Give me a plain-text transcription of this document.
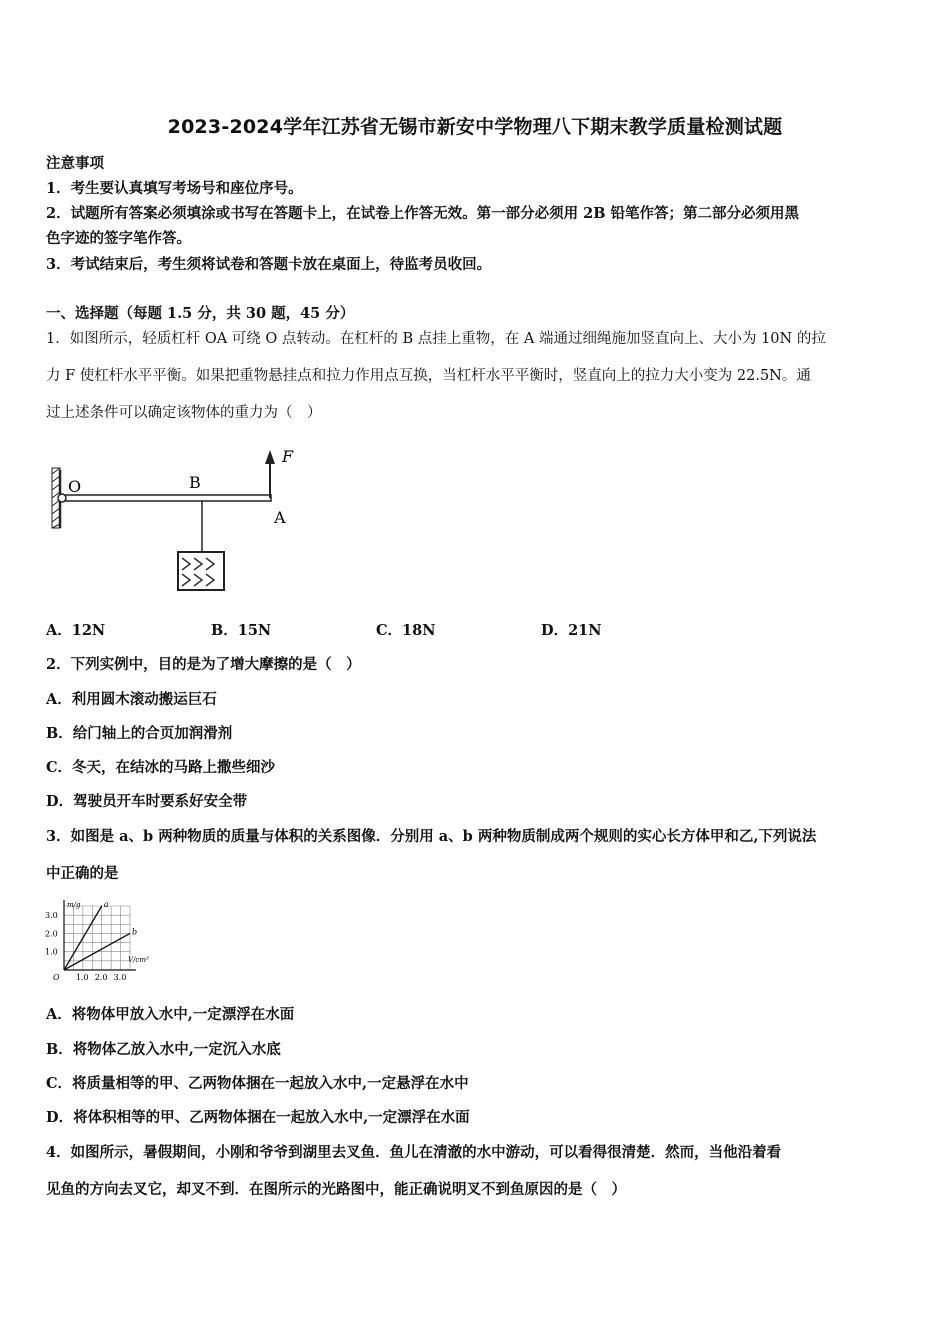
2023-2024学年江苏省无锡市新安中学物理八下期末教学质量检测试题
注意事项
1．考生要认真填写考场号和座位序号。
2．试题所有答案必须填涂或书写在答题卡上，在试卷上作答无效。第一部分必须用 2B 铅笔作答；第二部分必须用黑
色字迹的签字笔作答。
3．考试结束后，考生须将试卷和答题卡放在桌面上，待监考员收回。
一、选择题（每题 1.5 分，共 30 题，45 分）
1．如图所示，轻质杠杆 OA 可绕 O 点转动。在杠杆的 B 点挂上重物，在 A 端通过细绳施加竖直向上、大小为 10N 的拉
力 F 使杠杆水平平衡。如果把重物悬挂点和拉力作用点互换，当杠杆水平平衡时，竖直向上的拉力大小变为 22.5N。通
过上述条件可以确定该物体的重力为（　）
O	B
A
F
A．12N	B．15N	C．18N	D．21N
2．下列实例中，目的是为了增大摩擦的是（　）
A．利用圆木滚动搬运巨石
B．给门轴上的合页加润滑剂
C．冬天，在结冰的马路上撒些细沙
D．驾驶员开车时要系好安全带
3．如图是 a、b 两种物质的质量与体积的关系图像．分别用 a、b 两种物质制成两个规则的实心长方体甲和乙,下列说法
中正确的是
a
b
1.0 2.0 3.0
1.0
2.0
3.0
O
m/g
V/cm³
A．将物体甲放入水中,一定漂浮在水面
B．将物体乙放入水中,一定沉入水底
C．将质量相等的甲、乙两物体捆在一起放入水中,一定悬浮在水中
D．将体积相等的甲、乙两物体捆在一起放入水中,一定漂浮在水面
4．如图所示，暑假期间，小刚和爷爷到湖里去叉鱼．鱼儿在清澈的水中游动，可以看得很清楚．然而，当他沿着看
见鱼的方向去叉它，却叉不到．在图所示的光路图中，能正确说明叉不到鱼原因的是（　）
